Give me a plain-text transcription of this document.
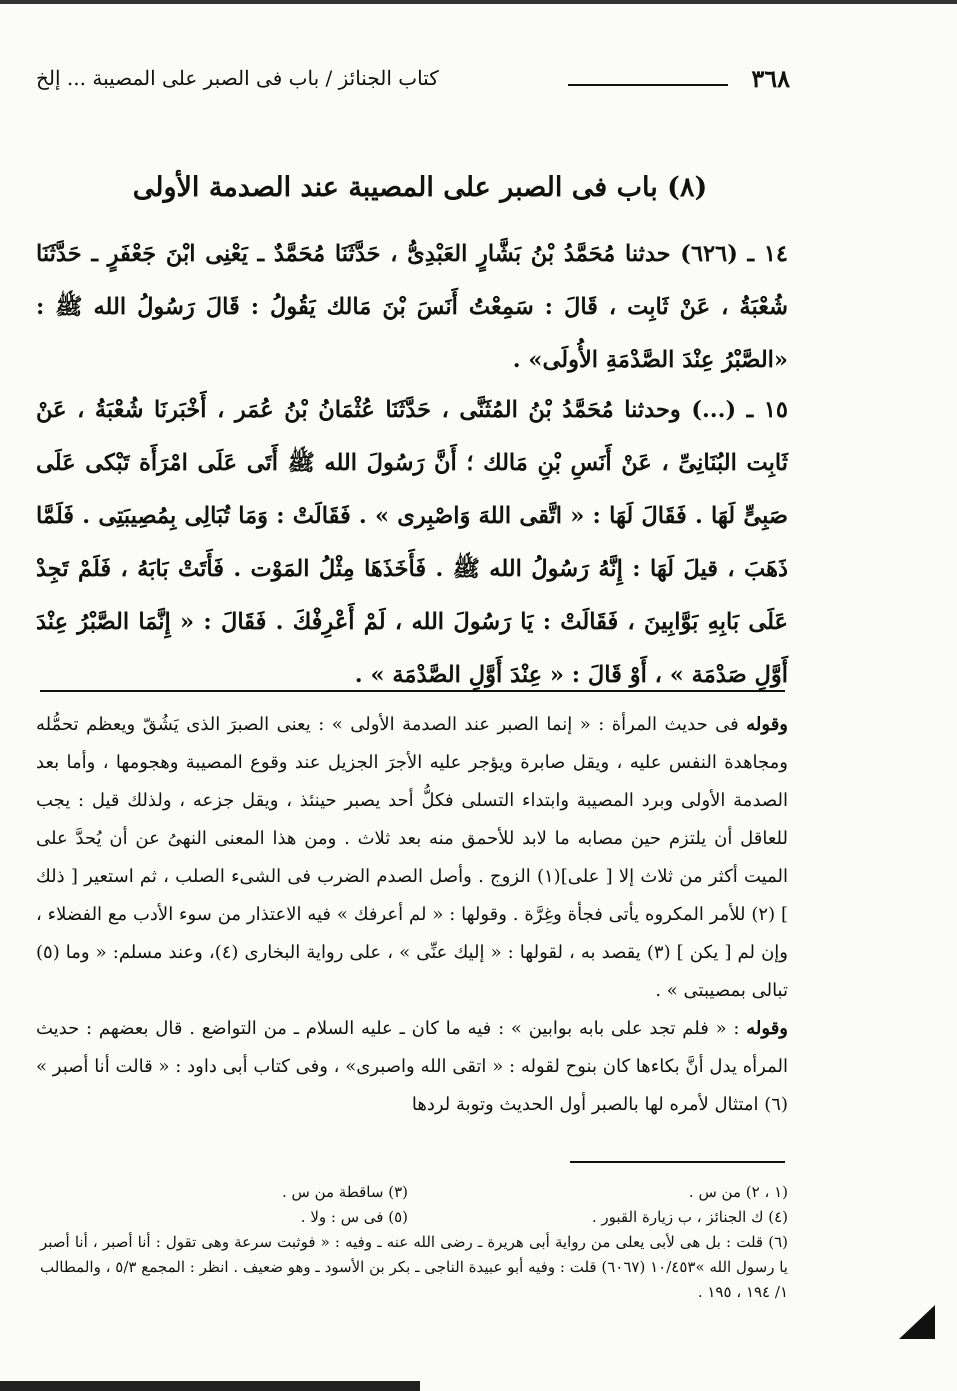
٣٦٨
كتاب الجنائز / باب فى الصبر على المصيبة ... إلخ
(٨) باب فى الصبر على المصيبة عند الصدمة الأولى
١٤ ـ (٦٢٦) حدثنا مُحَمَّدُ بْنُ بَشَّارٍ العَبْدِىُّ ، حَدَّثَنَا مُحَمَّدٌ ـ يَعْنِى ابْنَ جَعْفَرٍ ـ حَدَّثَنَا شُعْبَةُ ، عَنْ ثَابِت ، قَالَ : سَمِعْتُ أَنَسَ بْنَ مَالك يَقُولُ : قَالَ رَسُولُ الله ﷺ : «الصَّبْرُ عِنْدَ الصَّدْمَةِ الأُولَى» .
١٥ ـ (...) وحدثنا مُحَمَّدُ بْنُ المُثَنَّى ، حَدَّثَنَا عُثْمَانُ بْنُ عُمَر ، أَخْبَرنَا شُعْبَةُ ، عَنْ ثَابِت البُنَانِىِّ ، عَنْ أَنَسِ بْنِ مَالك ؛ أَنَّ رَسُولَ الله ﷺ أَتَى عَلَى امْرَأَة تَبْكى عَلَى صَبِىٍّ لَهَا . فَقَالَ لَهَا : « اتَّقى اللهَ وَاصْبِرى » . فَقَالَتْ : وَمَا تُبَالِى بِمُصِيبَتِى . فَلَمَّا ذَهَبَ ، قيلَ لَهَا : إِنَّهُ رَسُولُ الله ﷺ . فَأَخَذَهَا مِثْلُ المَوْت . فَأَتَتْ بَابَهُ ، فَلَمْ تَجِدْ عَلَى بَابِهِ بَوَّابِينَ ، فَقَالَتْ : يَا رَسُولَ الله ، لَمْ أَعْرِفْكَ . فَقَالَ : « إِنَّمَا الصَّبْرُ عِنْدَ أَوَّلِ صَدْمَة » ، أَوْ قَالَ : « عِنْدَ أَوَّلِ الصَّدْمَة » .

وقوله فى حديث المرأة : « إنما الصبر عند الصدمة الأولى » : يعنى الصبرَ الذى يَشُقّ ويعظم تحمُّله ومجاهدة النفس عليه ، ويقل صابرة ويؤجر عليه الأجرَ الجزيل عند وقوع المصيبة وهجومها ، وأما بعد الصدمة الأولى وبرد المصيبة وابتداء التسلى فكلُّ أحد يصبر حينئذ ، ويقل جزعه ، ولذلك قيل : يجب للعاقل أن يلتزم حين مصابه ما لابد للأحمق منه بعد ثلاث . ومن هذا المعنى النهىُ عن أن يُحدَّ على الميت أكثر من ثلاث إلا [ على](١) الزوج . وأصل الصدم الضرب فى الشىء الصلب ، ثم استعير [ ذلك ] (٢) للأمر المكروه يأتى فجأة وغِرَّة . وقولها : « لم أعرفك » فيه الاعتذار من سوء الأدب مع الفضلاء ، وإن لم [ يكن ] (٣) يقصد به ، لقولها : « إليك عنِّى » ، على رواية البخارى (٤)، وعند مسلم: « وما (٥) تبالى بمصيبتى » .

وقوله : « فلم تجد على بابه بوابين » : فيه ما كان ـ عليه السلام ـ من التواضع . قال بعضهم : حديث المرأه يدل أنَّ بكاءها كان بنوح لقوله : « اتقى الله واصبرى» ، وفى كتاب أبى داود : « قالت أنا أصبر » (٦) امتثال لأمره لها بالصبر أول الحديث وتوبة لردها

(١ ، ٢) من س .
(٣) ساقطة من س .
(٤) ك الجنائز ، ب زيارة القبور .
(٥) فى س : ولا .

(٦) قلت : بل هى لأبى يعلى من رواية أبى هريرة ـ رضى الله عنه ـ وفيه : « فوثبت سرعة وهى تقول : أنا أصبر ، أنا أصبر يا رسول الله »١٠/٤٥٣ (٦٠٦٧) قلت : وفيه أبو عبيدة الناجى ـ بكر بن الأسود ـ وهو ضعيف . انظر : المجمع ٥/٣ ، والمطالب ١/ ١٩٤ ، ١٩٥ .
